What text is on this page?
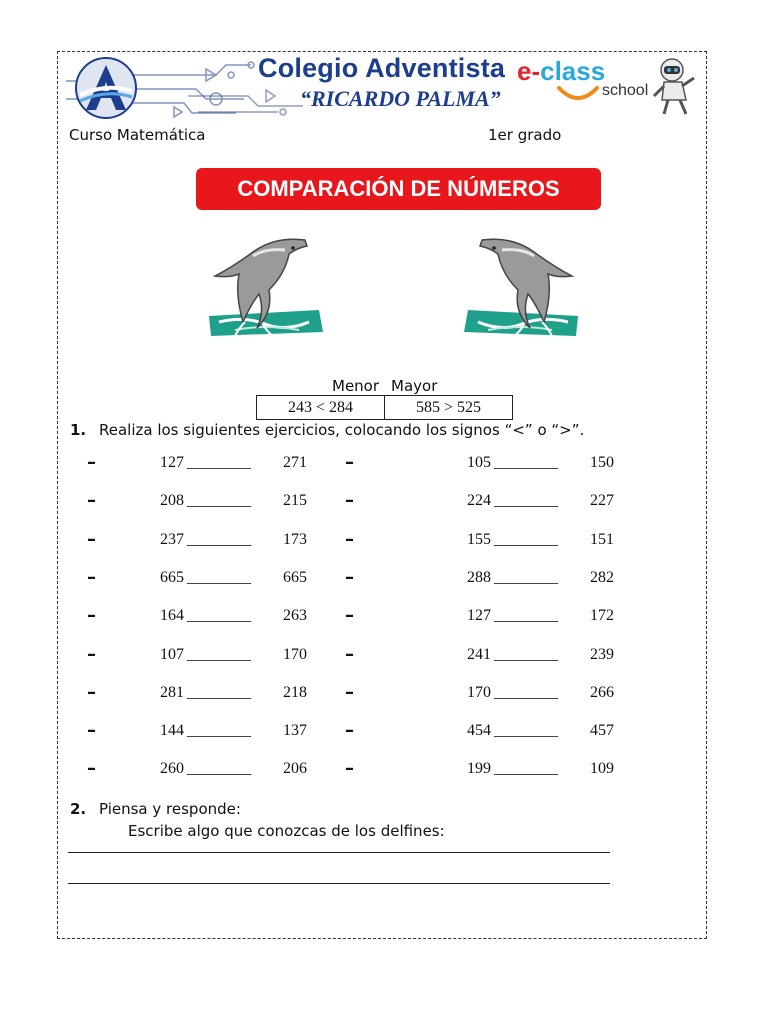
Colegio Adventista
“RICARDO PALMA”
e-class
school
Curso Matemática	1er grado
COMPARACIÓN DE NÚMEROS
Menor Mayor
243 < 284	585 > 525
1. Realiza los siguientes ejercicios, colocando los signos “<” o “>”.
–	127 ________ 271 –	105 ________ 150
–	208 ________ 215 –	224 ________ 227
–	237 ________ 173 –	155 ________ 151
–	665 ________ 665 –	288 ________ 282
–	164 ________ 263 –	127 ________ 172
–	107 ________ 170 –	241 ________ 239
–	281 ________ 218 –	170 ________ 266
–	144 ________ 137 –	454 ________ 457
–	260 ________ 206 –	199 ________ 109
2. Piensa y responde:
Escribe algo que conozcas de los delfines:
